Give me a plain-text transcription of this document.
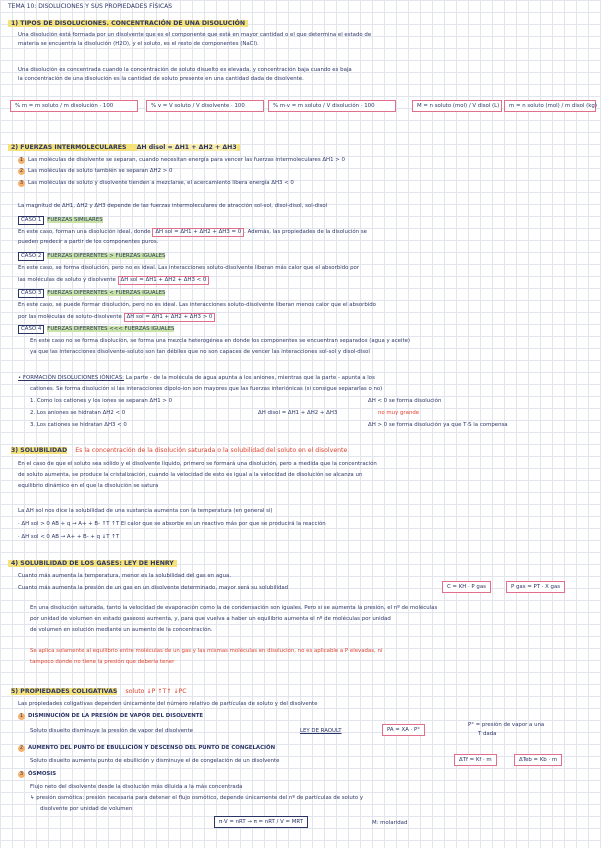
TEMA 10: DISOLUCIONES Y SUS PROPIEDADES FÍSICAS
1) TIPOS DE DISOLUCIONES. CONCENTRACIÓN DE UNA DISOLUCIÓN
Una disolución está formada por un disolvente que es el componente que está en mayor cantidad o el que determina el estado de
materia se encuentra la disolución (H2O), y el soluto, es el resto de componentes (NaCl).
Una disolución es concentrada cuando la concentración de soluto disuelto es elevada, y concentración baja cuando es baja
la concentración de una disolución es la cantidad de soluto presente en una cantidad dada de disolvente.
% m = m soluto / m disolución · 100	% v = V soluto / V disolvente · 100	% m·v = m soluto / V disolución · 100	M = n soluto (mol) / V disol (L)	m = n soluto (mol) / m disol (kg)
2) FUERZAS INTERMOLECULARES ΔH disol = ΔH1 + ΔH2 + ΔH3
1 Las moléculas de disolvente se separan, cuando necesitan energía para vencer las fuerzas intermoleculares ΔH1 > 0
2 Las moléculas de soluto también se separan ΔH2 > 0
3 Las moléculas de soluto y disolvente tienden a mezclarse, el acercamiento libera energía ΔH3 < 0
La magnitud de ΔH1, ΔH2 y ΔH3 depende de las fuerzas intermoleculares de atracción sol-sol, disol-disol, sol-disol
CASO 1 FUERZAS SIMILARES
En este caso, forman una disolución ideal, donde ΔH sol = ΔH1 + ΔH2 + ΔH3 = 0 . Además, las propiedades de la disolución se
pueden predecir a partir de los componentes puros.
CASO 2 FUERZAS DIFERENTES > FUERZAS IGUALES
En este caso, se forma disolución, pero no es ideal. Las interacciones soluto-disolvente liberan más calor que el absorbido por
las moléculas de soluto y disolvente ΔH sol = ΔH1 + ΔH2 + ΔH3 < 0
CASO 3 FUERZAS DIFERENTES < FUERZAS IGUALES
En este caso, se puede formar disolución, pero no es ideal. Las interacciones soluto-disolvente liberan menos calor que el absorbido
por las moléculas de soluto-disolvente ΔH sol = ΔH1 + ΔH2 + ΔH3 > 0
CASO 4 FUERZAS DIFERENTES <<< FUERZAS IGUALES
En este caso no se forma disolución, se forma una mezcla heterogénea en donde los componentes se encuentran separados (agua y aceite)
ya que las interacciones disolvente-soluto son tan débiles que no son capaces de vencer las interacciones sol-sol y disol-disol
• FORMACIÓN DISOLUCIONES IÓNICAS: La parte - de la molécula de agua apunta a los aniones, mientras que la parte - apunta a los
cationes. Se forma disolución si las interacciones dipolo-ion son mayores que las fuerzas interiónicas (si consigue separarlas o no)
1. Como los cationes y los iones se separan ΔH1 > 0
2. Los aniones se hidratan ΔH2 < 0
3. Los cationes se hidratan ΔH3 < 0
ΔH disol = ΔH1 + ΔH2 + ΔH3
ΔH < 0 se forma disolución
no muy grande
ΔH > 0 se forma disolución ya que T·S la compensa
3) SOLUBILIDAD Es la concentración de la disolución saturada o la solubilidad del soluto en el disolvente
En el caso de que el soluto sea sólido y el disolvente líquido, primero se formará una disolución, pero a medida que la concentración
de soluto aumenta, se produce la cristalización, cuando la velocidad de esto es igual a la velocidad de disolución se alcanza un
equilibrio dinámico en el que la disolución se satura
La ΔH sol nos dice la solubilidad de una sustancia aumenta con la temperatura (en general si)
· ΔH sol > 0 AB + q → A+ + B- ↑T ↑T El calor que se absorbe es un reactivo más por que se producirá la reacción
· ΔH sol < 0 AB → A+ + B- + q ↓T ↑T
4) SOLUBILIDAD DE LOS GASES: LEY DE HENRY
Cuanto más aumenta la temperatura, menor es la solubilidad del gas en agua.
Cuanto más aumenta la presión de un gas en un disolvente determinado, mayor será su solubilidad	C = KH · P gas	P gas = PT · X gas
En una disolución saturada, tanto la velocidad de evaporación como la de condensación son iguales. Pero si se aumenta la presión, el nº de moléculas
por unidad de volumen en estado gaseoso aumenta, y, para que vuelva a haber un equilibrio aumenta el nº de moléculas por unidad
de volumen en solución mediante un aumento de la concentración.
Se aplica solamente al equilibrio entre moléculas de un gas y las mismas moléculas en disolución, no es aplicable a P elevadas, ni
tampoco donde no tiene la presión que debería tener
5) PROPIEDADES COLIGATIVAS soluto ↓P ↑T↑ ↓PC
Las propiedades coligativas dependen únicamente del número relativo de partículas de soluto y del disolvente
1 DISMINUCIÓN DE LA PRESIÓN DE VAPOR DEL DISOLVENTE
Soluto disuelto disminuye la presión de vapor del disolvente	LEY DE RAOULT	PA = XA · P°
P° = presión de vapor a una
T dada
2 AUMENTO DEL PUNTO DE EBULLICIÓN Y DESCENSO DEL PUNTO DE CONGELACIÓN
Soluto disuelto aumenta punto de ebullición y disminuye el de congelación de un disolvente	ΔTf = Kf · m	ΔTeb = Kb · m
3 ÓSMOSIS
Flujo neto del disolvente desde la disolución más diluida a la más concentrada
↳ presión osmótica: presión necesaria para detener el flujo osmótico, depende únicamente del nº de partículas de soluto y
disolvente por unidad de volumen
π·V = nRT → π = nRT / V = MRT	M: molaridad
